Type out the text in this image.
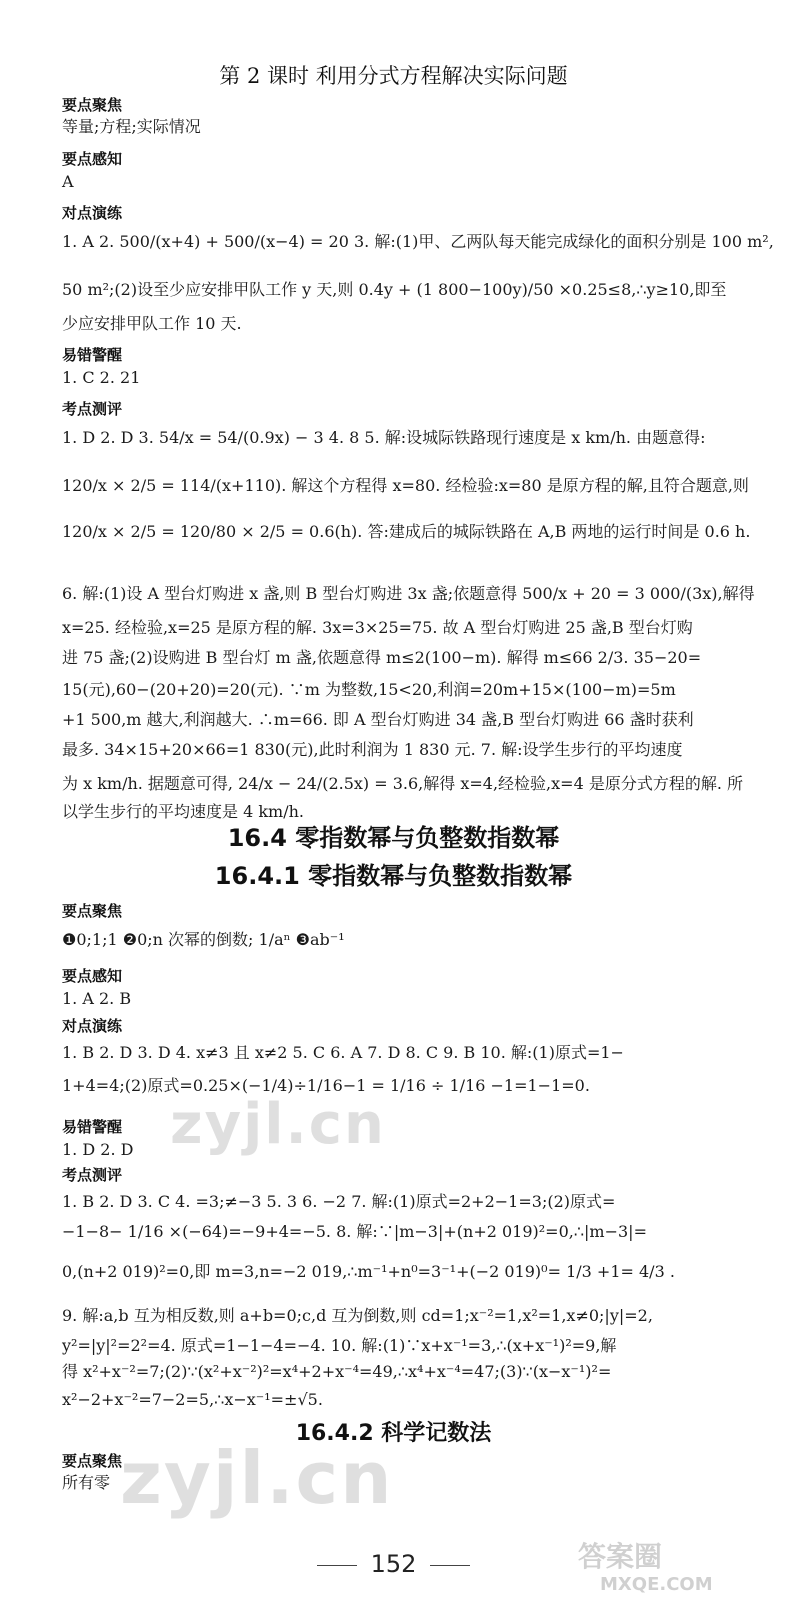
第 2 课时 利用分式方程解决实际问题
要点聚焦
等量;方程;实际情况
要点感知
A
对点演练
1. A 2. 500/(x+4) + 500/(x−4) = 20 3. 解:(1)甲、乙两队每天能完成绿化的面积分别是 100 m²,
50 m²;(2)设至少应安排甲队工作 y 天,则 0.4y + (1 800−100y)/50 ×0.25≤8,∴y≥10,即至
少应安排甲队工作 10 天.
易错警醒
1. C 2. 21
考点测评
1. D 2. D 3. 54/x = 54/(0.9x) − 3 4. 8 5. 解:设城际铁路现行速度是 x km/h. 由题意得:
120/x × 2/5 = 114/(x+110). 解这个方程得 x=80. 经检验:x=80 是原方程的解,且符合题意,则
120/x × 2/5 = 120/80 × 2/5 = 0.6(h). 答:建成后的城际铁路在 A,B 两地的运行时间是 0.6 h.
6. 解:(1)设 A 型台灯购进 x 盏,则 B 型台灯购进 3x 盏;依题意得 500/x + 20 = 3 000/(3x),解得
x=25. 经检验,x=25 是原方程的解. 3x=3×25=75. 故 A 型台灯购进 25 盏,B 型台灯购
进 75 盏;(2)设购进 B 型台灯 m 盏,依题意得 m≤2(100−m). 解得 m≤66 2/3. 35−20=
15(元),60−(20+20)=20(元). ∵m 为整数,15<20,利润=20m+15×(100−m)=5m
+1 500,m 越大,利润越大. ∴m=66. 即 A 型台灯购进 34 盏,B 型台灯购进 66 盏时获利
最多. 34×15+20×66=1 830(元),此时利润为 1 830 元. 7. 解:设学生步行的平均速度
为 x km/h. 据题意可得, 24/x − 24/(2.5x) = 3.6,解得 x=4,经检验,x=4 是原分式方程的解. 所
以学生步行的平均速度是 4 km/h.
16.4 零指数幂与负整数指数幂
16.4.1 零指数幂与负整数指数幂
要点聚焦
❶0;1;1 ❷0;n 次幂的倒数; 1/aⁿ ❸ab⁻¹
要点感知
1. A 2. B
对点演练
1. B 2. D 3. D 4. x≠3 且 x≠2 5. C 6. A 7. D 8. C 9. B 10. 解:(1)原式=1−
1+4=4;(2)原式=0.25×(−1/4)÷1/16−1 = 1/16 ÷ 1/16 −1=1−1=0.
易错警醒
1. D 2. D
考点测评
1. B 2. D 3. C 4. =3;≠−3 5. 3 6. −2 7. 解:(1)原式=2+2−1=3;(2)原式=
−1−8− 1/16 ×(−64)=−9+4=−5. 8. 解:∵|m−3|+(n+2 019)²=0,∴|m−3|=
0,(n+2 019)²=0,即 m=3,n=−2 019,∴m⁻¹+n⁰=3⁻¹+(−2 019)⁰= 1/3 +1= 4/3 .
9. 解:a,b 互为相反数,则 a+b=0;c,d 互为倒数,则 cd=1;x⁻²=1,x²=1,x≠0;|y|=2,
y²=|y|²=2²=4. 原式=1−1−4=−4. 10. 解:(1)∵x+x⁻¹=3,∴(x+x⁻¹)²=9,解
得 x²+x⁻²=7;(2)∵(x²+x⁻²)²=x⁴+2+x⁻⁴=49,∴x⁴+x⁻⁴=47;(3)∵(x−x⁻¹)²=
x²−2+x⁻²=7−2=5,∴x−x⁻¹=±√5.
16.4.2 科学记数法
要点聚焦
所有零
zyjl.cn
zyjl.cn
152	答案圈
MXQE.COM
